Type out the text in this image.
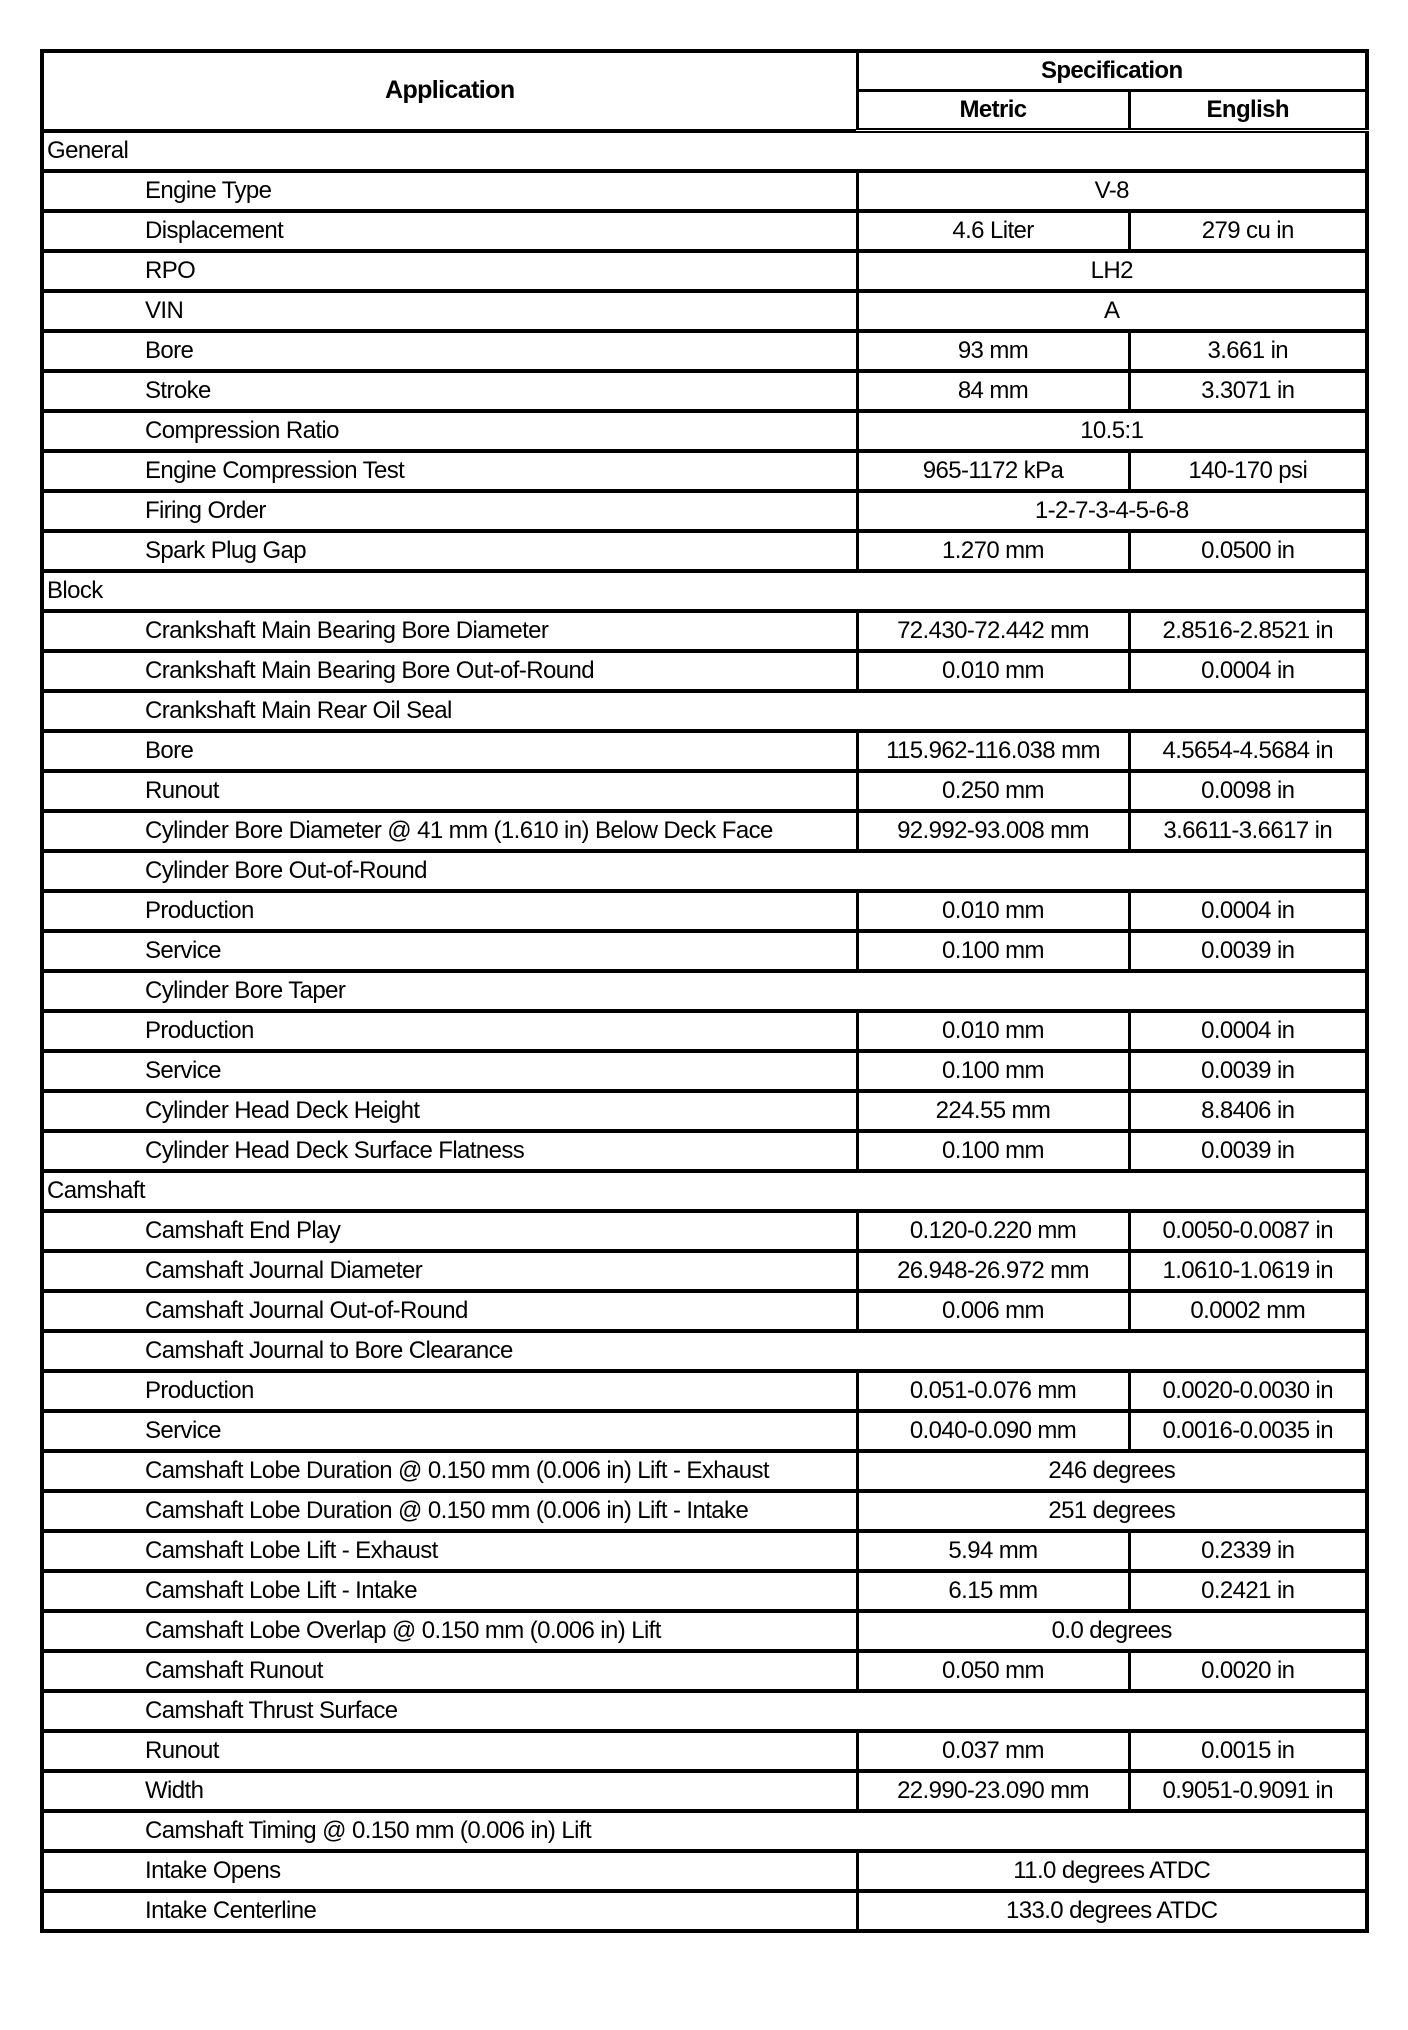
Application	Specification	
	Metric	English
General		
Engine Type	V-8	
Displacement	4.6 Liter	279 cu in
RPO	LH2	
VIN	A	
Bore	93 mm	3.661 in
Stroke	84 mm	3.3071 in
Compression Ratio	10.5:1	
Engine Compression Test	965-1172 kPa	140-170 psi
Firing Order	1-2-7-3-4-5-6-8	
Spark Plug Gap	1.270 mm	0.0500 in
Block		
Crankshaft Main Bearing Bore Diameter	72.430-72.442 mm	2.8516-2.8521 in
Crankshaft Main Bearing Bore Out-of-Round	0.010 mm	0.0004 in
Crankshaft Main Rear Oil Seal		
Bore	115.962-116.038 mm	4.5654-4.5684 in
Runout	0.250 mm	0.0098 in
Cylinder Bore Diameter @ 41 mm (1.610 in) Below Deck Face	92.992-93.008 mm	3.6611-3.6617 in
Cylinder Bore Out-of-Round		
Production	0.010 mm	0.0004 in
Service	0.100 mm	0.0039 in
Cylinder Bore Taper		
Production	0.010 mm	0.0004 in
Service	0.100 mm	0.0039 in
Cylinder Head Deck Height	224.55 mm	8.8406 in
Cylinder Head Deck Surface Flatness	0.100 mm	0.0039 in
Camshaft		
Camshaft End Play	0.120-0.220 mm	0.0050-0.0087 in
Camshaft Journal Diameter	26.948-26.972 mm	1.0610-1.0619 in
Camshaft Journal Out-of-Round	0.006 mm	0.0002 mm
Camshaft Journal to Bore Clearance		
Production	0.051-0.076 mm	0.0020-0.0030 in
Service	0.040-0.090 mm	0.0016-0.0035 in
Camshaft Lobe Duration @ 0.150 mm (0.006 in) Lift - Exhaust	246 degrees	
Camshaft Lobe Duration @ 0.150 mm (0.006 in) Lift - Intake	251 degrees	
Camshaft Lobe Lift - Exhaust	5.94 mm	0.2339 in
Camshaft Lobe Lift - Intake	6.15 mm	0.2421 in
Camshaft Lobe Overlap @ 0.150 mm (0.006 in) Lift	0.0 degrees	
Camshaft Runout	0.050 mm	0.0020 in
Camshaft Thrust Surface		
Runout	0.037 mm	0.0015 in
Width	22.990-23.090 mm	0.9051-0.9091 in
Camshaft Timing @ 0.150 mm (0.006 in) Lift		
Intake Opens	11.0 degrees ATDC	
Intake Centerline	133.0 degrees ATDC	
